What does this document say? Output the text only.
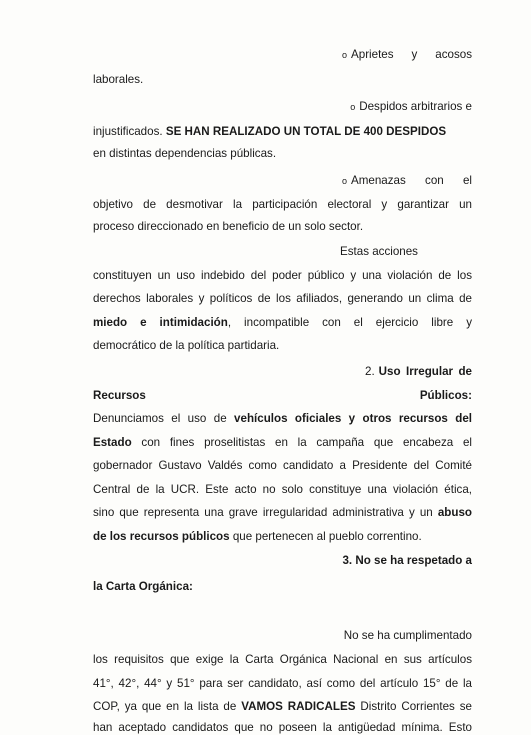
o Aprietes y acosos
laborales.
o Despidos arbitrarios e
injustificados. SE HAN REALIZADO UN TOTAL DE 400 DESPIDOS
en distintas dependencias públicas.
o Amenazas con el
objetivo de desmotivar la participación electoral y garantizar un
proceso direccionado en beneficio de un solo sector.
Estas acciones
constituyen un uso indebido del poder público y una violación de los
derechos laborales y políticos de los afiliados, generando un clima de
miedo e intimidación, incompatible con el ejercicio libre y
democrático de la política partidaria.
2. Uso Irregular de
Recursos	Públicos:
Denunciamos el uso de vehículos oficiales y otros recursos del
Estado con fines proselitistas en la campaña que encabeza el
gobernador Gustavo Valdés como candidato a Presidente del Comité
Central de la UCR. Este acto no solo constituye una violación ética,
sino que representa una grave irregularidad administrativa y un abuso
de los recursos públicos que pertenecen al pueblo correntino.
3. No se ha respetado a
la Carta Orgánica:
No se ha cumplimentado
los requisitos que exige la Carta Orgánica Nacional en sus artículos
41°, 42°, 44° y 51° para ser candidato, así como del artículo 15° de la
COP, ya que en la lista de VAMOS RADICALES Distrito Corrientes se
han aceptado candidatos que no poseen la antigüedad mínima. Esto
